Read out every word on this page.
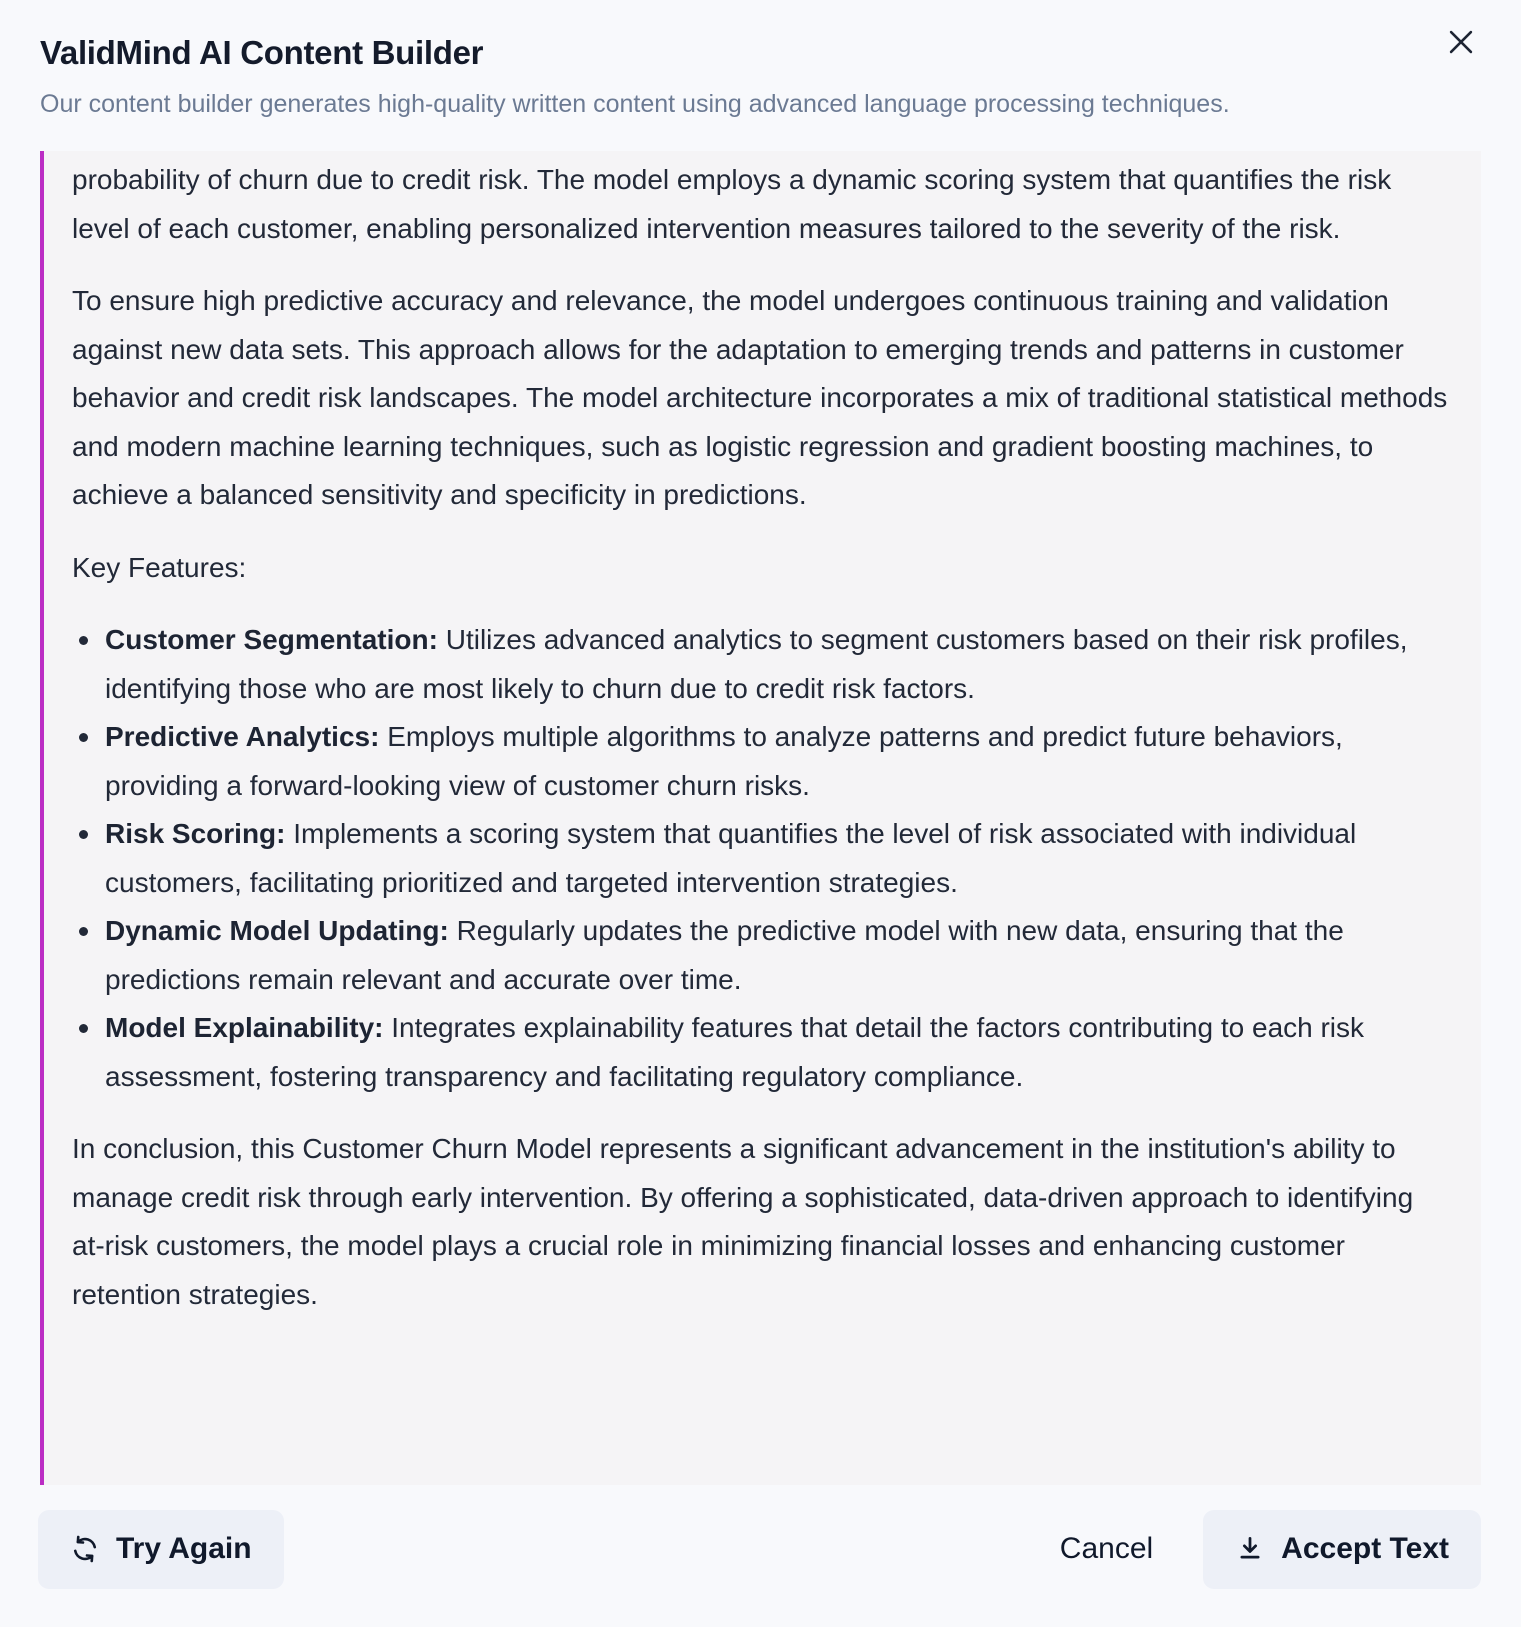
ValidMind AI Content Builder

Our content builder generates high-quality written content using advanced language processing techniques.

probability of churn due to credit risk. The model employs a dynamic scoring system that quantifies the risk level of each customer, enabling personalized intervention measures tailored to the severity of the risk.

To ensure high predictive accuracy and relevance, the model undergoes continuous training and validation against new data sets. This approach allows for the adaptation to emerging trends and patterns in customer behavior and credit risk landscapes. The model architecture incorporates a mix of traditional statistical methods and modern machine learning techniques, such as logistic regression and gradient boosting machines, to achieve a balanced sensitivity and specificity in predictions.

Key Features:

Customer Segmentation: Utilizes advanced analytics to segment customers based on their risk profiles, identifying those who are most likely to churn due to credit risk factors.
Predictive Analytics: Employs multiple algorithms to analyze patterns and predict future behaviors, providing a forward-looking view of customer churn risks.
Risk Scoring: Implements a scoring system that quantifies the level of risk associated with individual customers, facilitating prioritized and targeted intervention strategies.
Dynamic Model Updating: Regularly updates the predictive model with new data, ensuring that the predictions remain relevant and accurate over time.
Model Explainability: Integrates explainability features that detail the factors contributing to each risk assessment, fostering transparency and facilitating regulatory compliance.

In conclusion, this Customer Churn Model represents a significant advancement in the institution's ability to manage credit risk through early intervention. By offering a sophisticated, data-driven approach to identifying at-risk customers, the model plays a crucial role in minimizing financial losses and enhancing customer retention strategies.

Try Again	Cancel	Accept Text
